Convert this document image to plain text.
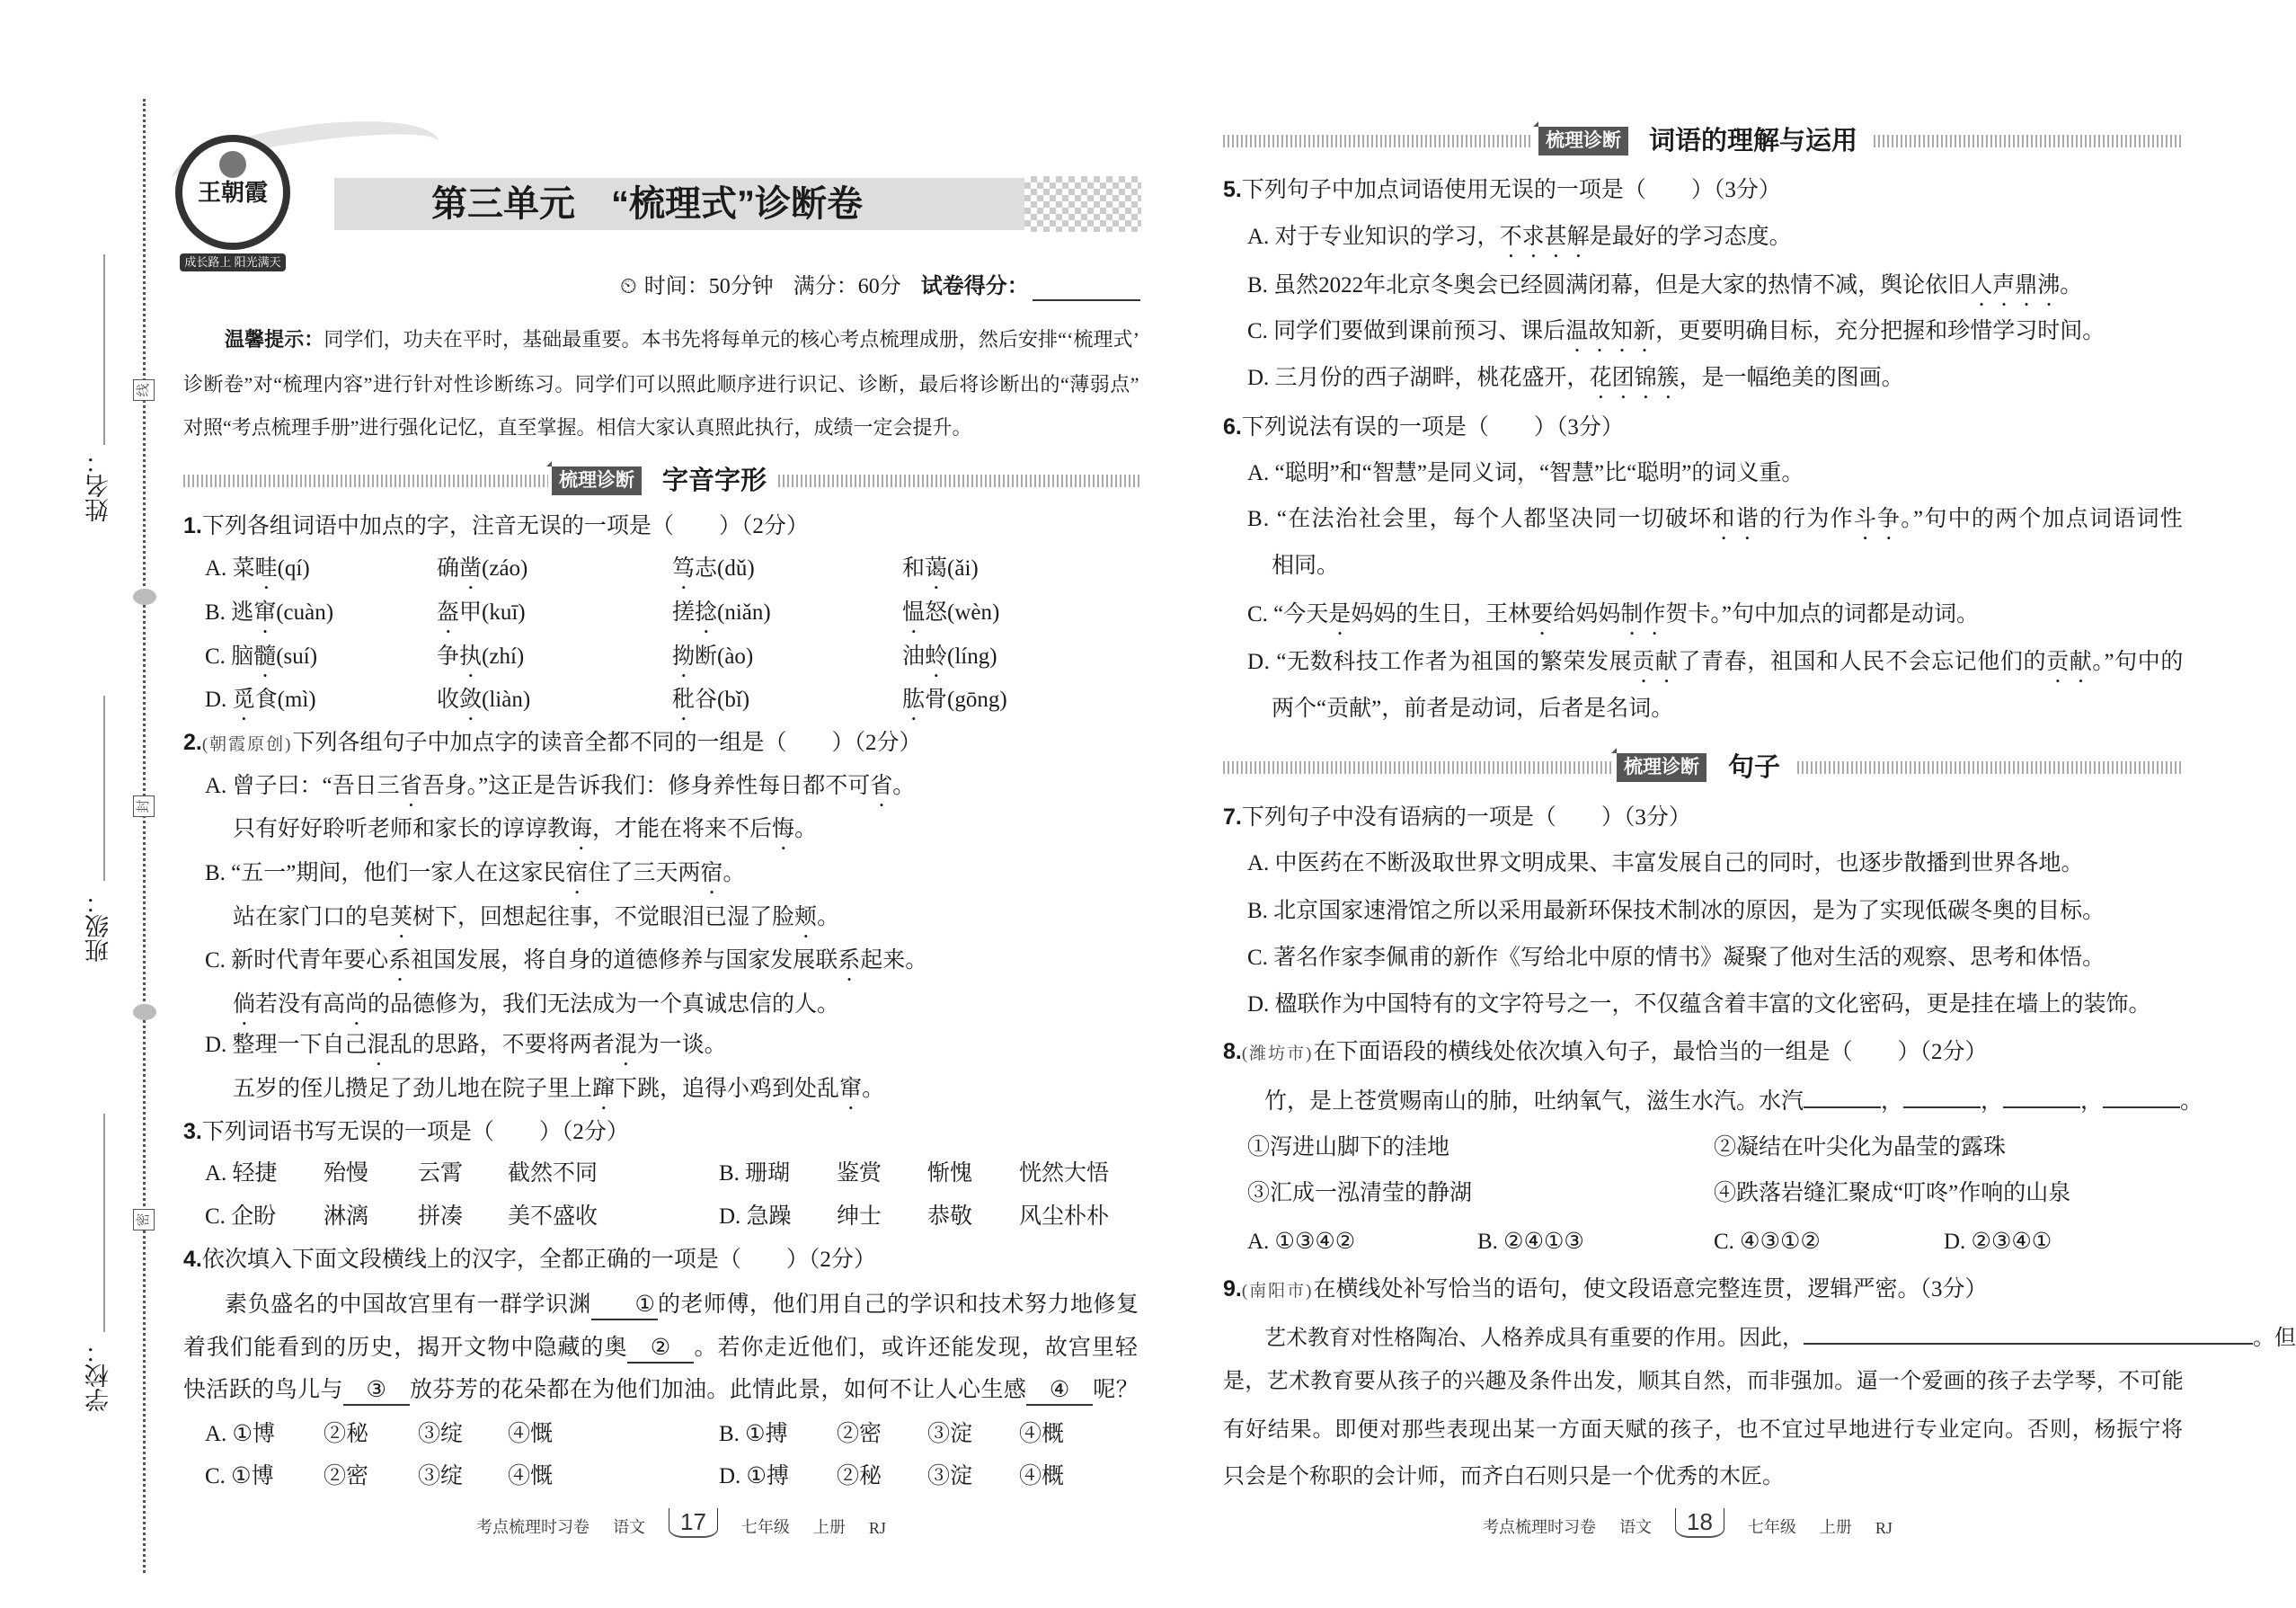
线
封
密
姓名：
班级：
学校：
王朝霞
成长路上 阳光满天
第三单元　“梳理式”诊断卷
⏲ 时间：50分钟 满分：60分 试卷得分：
温馨提示：同学们，功夫在平时，基础最重要。本书先将每单元的核心考点梳理成册，然后安排“‘梳理式’
诊断卷”对“梳理内容”进行针对性诊断练习。同学们可以照此顺序进行识记、诊断，最后将诊断出的“薄弱点”
对照“考点梳理手册”进行强化记忆，直至掌握。相信大家认真照此执行，成绩一定会提升。
梳理诊断 字音字形
梳理诊断 词语的理解与运用
梳理诊断 句子
1.下列各组词语中加点的字，注音无误的一项是（　　）（2分）
A. 菜畦(qí)	确凿(záo)	笃志(dǔ)	和蔼(ǎi)
B. 逃窜(cuàn)	盔甲(kuī)	搓捻(niǎn)	愠怒(wèn)
C. 脑髓(suí)	争执(zhí)	拗断(ào)	油蛉(líng)
D. 觅食(mì)	收敛(liàn)	秕谷(bǐ)	肱骨(gōng)
2.(朝霞原创)下列各组句子中加点字的读音全都不同的一组是（　　）（2分）
A. 曾子曰：“吾日三省吾身。”这正是告诉我们：修身养性每日都不可省。
只有好好聆听老师和家长的谆谆教诲，才能在将来不后悔。
B. “五一”期间，他们一家人在这家民宿住了三天两宿。
站在家门口的皂荚树下，回想起往事，不觉眼泪已湿了脸颊。
C. 新时代青年要心系祖国发展，将自身的道德修养与国家发展联系起来。
倘若没有高尚的品德修为，我们无法成为一个真诚忠信的人。
D. 整理一下自己混乱的思路，不要将两者混为一谈。
五岁的侄儿攒足了劲儿地在院子里上蹿下跳，追得小鸡到处乱窜。
3.下列词语书写无误的一项是（　　）（2分）
A. 轻捷 殆慢 云霄 截然不同	B. 珊瑚 鉴赏 惭愧 恍然大悟
C. 企盼 淋漓 拼凑 美不盛收	D. 急躁 绅士 恭敬 风尘朴朴
4.依次填入下面文段横线上的汉字，全都正确的一项是（　　）（2分）
素负盛名的中国故宫里有一群学识渊 ① 的老师傅，他们用自己的学识和技术努力地修复
着我们能看到的历史，揭开文物中隐藏的奥 ② 。若你走近他们，或许还能发现，故宫里轻
快活跃的鸟儿与 ③ 放芬芳的花朵都在为他们加油。此情此景，如何不让人心生感 ④ 呢？
A. ①博 ②秘 ③绽 ④慨	B. ①搏 ②密 ③淀 ④概
C. ①博 ②密 ③绽 ④慨	D. ①搏 ②秘 ③淀 ④概
考点梳理时习卷 语文	17	七年级 上册 RJ
5.下列句子中加点词语使用无误的一项是（　　）（3分）
A. 对于专业知识的学习，不求甚解是最好的学习态度。
B. 虽然2022年北京冬奥会已经圆满闭幕，但是大家的热情不减，舆论依旧人声鼎沸。
C. 同学们要做到课前预习、课后温故知新，更要明确目标，充分把握和珍惜学习时间。
D. 三月份的西子湖畔，桃花盛开，花团锦簇，是一幅绝美的图画。
6.下列说法有误的一项是（　　）（3分）
A. “聪明”和“智慧”是同义词，“智慧”比“聪明”的词义重。
B. “在法治社会里，每个人都坚决同一切破坏和谐的行为作斗争。”句中的两个加点词语词性
相同。
C. “今天是妈妈的生日，王林要给妈妈制作贺卡。”句中加点的词都是动词。
D. “无数科技工作者为祖国的繁荣发展贡献了青春，祖国和人民不会忘记他们的贡献。”句中的
两个“贡献”，前者是动词，后者是名词。
7.下列句子中没有语病的一项是（　　）（3分）
A. 中医药在不断汲取世界文明成果、丰富发展自己的同时，也逐步散播到世界各地。
B. 北京国家速滑馆之所以采用最新环保技术制冰的原因，是为了实现低碳冬奥的目标。
C. 著名作家李佩甫的新作《写给北中原的情书》凝聚了他对生活的观察、思考和体悟。
D. 楹联作为中国特有的文字符号之一，不仅蕴含着丰富的文化密码，更是挂在墙上的装饰。
8.(潍坊市)在下面语段的横线处依次填入句子，最恰当的一组是（　　）（2分）
竹，是上苍赏赐南山的肺，吐纳氧气，滋生水汽。水汽	，	，	，	。
①泻进山脚下的洼地	②凝结在叶尖化为晶莹的露珠
③汇成一泓清莹的静湖	④跌落岩缝汇聚成“叮咚”作响的山泉
A. ①③④②	B. ②④①③	C. ④③①②	D. ②③④①
9.(南阳市)在横线处补写恰当的语句，使文段语意完整连贯，逻辑严密。（3分）
艺术教育对性格陶冶、人格养成具有重要的作用。因此，	。但
是，艺术教育要从孩子的兴趣及条件出发，顺其自然，而非强加。逼一个爱画的孩子去学琴，不可能
有好结果。即便对那些表现出某一方面天赋的孩子，也不宜过早地进行专业定向。否则，杨振宁将
只会是个称职的会计师，而齐白石则只是一个优秀的木匠。
考点梳理时习卷 语文	18	七年级 上册 RJ
